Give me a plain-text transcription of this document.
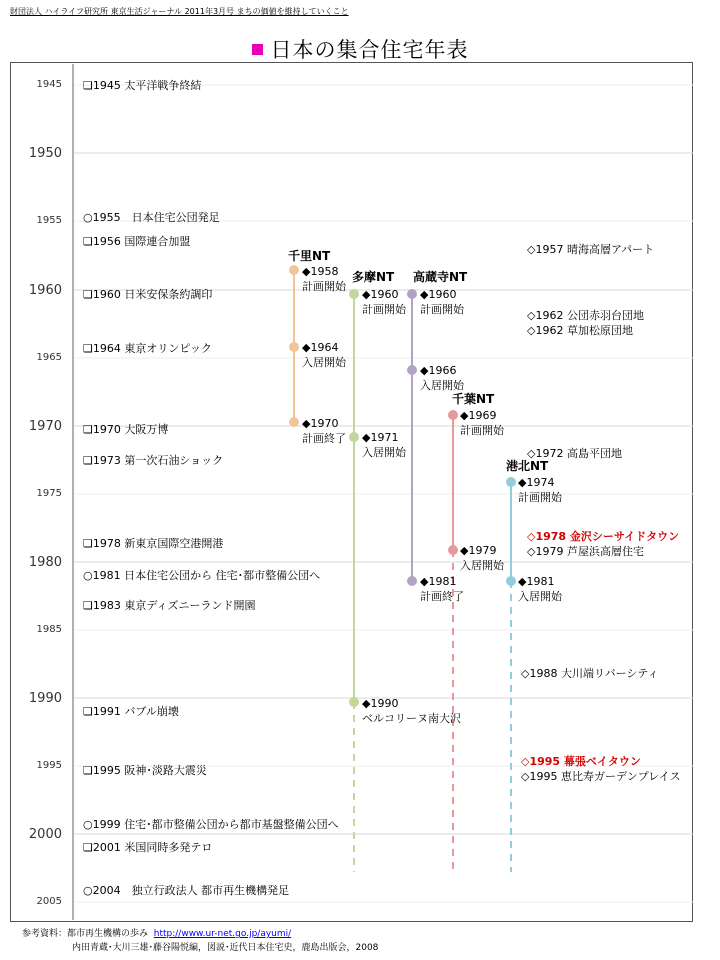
財団法人 ハイライフ研究所 東京生活ジャーナル 2011年3月号 まちの価値を維持していくこと
日本の集合住宅年表
1945
1950
1955
1960
1965
1970
1975
1980
1985
1990
1995
2000
2005
❏1945 太平洋戦争終結
○1955　日本住宅公団発足
❏1956 国際連合加盟
❏1960 日米安保条約調印
❏1964 東京オリンピック
❏1970 大阪万博
❏1973 第一次石油ショック
❏1978 新東京国際空港開港
○1981 日本住宅公団から 住宅･都市整備公団へ
❏1983 東京ディズニーランド開園
❏1991 バブル崩壊
❏1995 阪神･淡路大震災
○1999 住宅･都市整備公団から都市基盤整備公団へ
❏2001 米国同時多発テロ
○2004　独立行政法人 都市再生機構発足
千里NT
◆1958
計画開始
◆1964
入居開始
◆1970
計画終了
多摩NT
◆1960
計画開始
◆1971
入居開始
◆1990
ベルコリーヌ南大沢
高蔵寺NT
◆1960
計画開始
◆1966
入居開始
◆1981
計画終了
千葉NT
◆1969
計画開始
◆1979
入居開始
港北NT
◆1974
計画開始
◆1981
入居開始
◇1957 晴海高層アパート
◇1962 公団赤羽台団地
◇1962 草加松原団地
◇1972 高島平団地
◇1978 金沢シーサイドタウン
◇1979 芦屋浜高層住宅
◇1988 大川端リバーシティ
◇1995 幕張ベイタウン
◇1995 恵比寿ガーデンプレイス
参考資料：都市再生機構の歩み http://www.ur-net.go.jp/ayumi/
内田青蔵･大川三雄･藤谷陽悦編，図説･近代日本住宅史，鹿島出版会，2008
